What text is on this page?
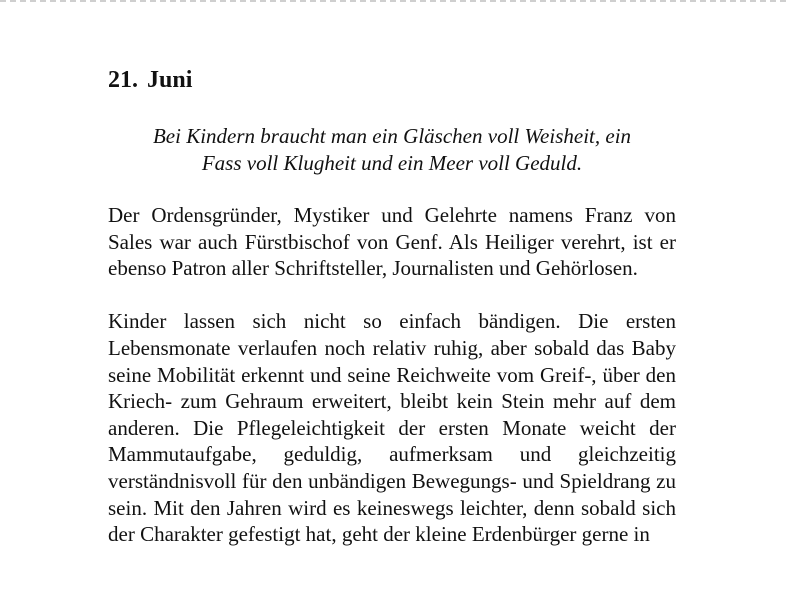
21. Juni

Bei Kindern braucht man ein Gläschen voll Weisheit, ein
Fass voll Klugheit und ein Meer voll Geduld.

Der Ordensgründer, Mystiker und Gelehrte namens Franz von Sales war auch Fürstbischof von Genf. Als Heiliger verehrt, ist er ebenso Patron aller Schriftsteller, Journalisten und Gehörlosen.

Kinder lassen sich nicht so einfach bändigen. Die ersten Lebensmonate verlaufen noch relativ ruhig, aber sobald das Baby seine Mobilität erkennt und seine Reichweite vom Greif-, über den Kriech- zum Gehraum erweitert, bleibt kein Stein mehr auf dem anderen. Die Pflegeleichtigkeit der ersten Monate weicht der Mammutaufgabe, geduldig, aufmerksam und gleichzeitig verständnisvoll für den unbändigen Bewegungs- und Spieldrang zu sein. Mit den Jahren wird es keineswegs leichter, denn sobald sich der Charakter gefestigt hat, geht der kleine Erdenbürger gerne in
